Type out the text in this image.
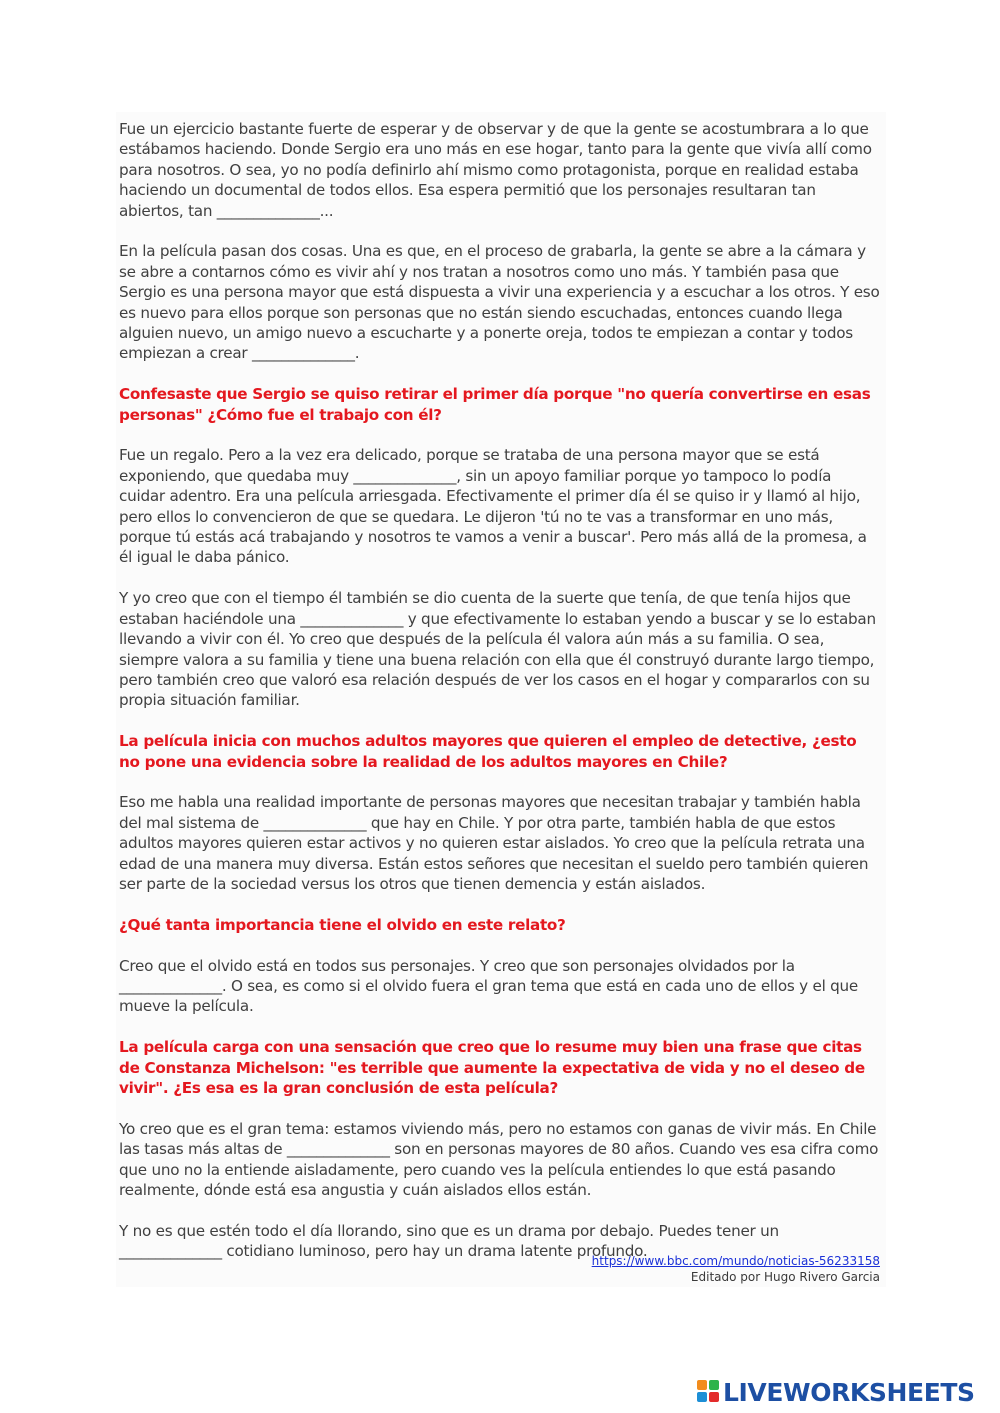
Fue un ejercicio bastante fuerte de esperar y de observar y de que la gente se acostumbrara a lo que estábamos haciendo. Donde Sergio era uno más en ese hogar, tanto para la gente que vivía allí como para nosotros. O sea, yo no podía definirlo ahí mismo como protagonista, porque en realidad estaba haciendo un documental de todos ellos. Esa espera permitió que los personajes resultaran tan abiertos, tan ______________...

En la película pasan dos cosas. Una es que, en el proceso de grabarla, la gente se abre a la cámara y se abre a contarnos cómo es vivir ahí y nos tratan a nosotros como uno más. Y también pasa que Sergio es una persona mayor que está dispuesta a vivir una experiencia y a escuchar a los otros. Y eso es nuevo para ellos porque son personas que no están siendo escuchadas, entonces cuando llega alguien nuevo, un amigo nuevo a escucharte y a ponerte oreja, todos te empiezan a contar y todos empiezan a crear ______________.

Confesaste que Sergio se quiso retirar el primer día porque "no quería convertirse en esas personas" ¿Cómo fue el trabajo con él?

Fue un regalo. Pero a la vez era delicado, porque se trataba de una persona mayor que se está exponiendo, que quedaba muy ______________, sin un apoyo familiar porque yo tampoco lo podía cuidar adentro. Era una película arriesgada. Efectivamente el primer día él se quiso ir y llamó al hijo, pero ellos lo convencieron de que se quedara. Le dijeron 'tú no te vas a transformar en uno más, porque tú estás acá trabajando y nosotros te vamos a venir a buscar'. Pero más allá de la promesa, a él igual le daba pánico.

Y yo creo que con el tiempo él también se dio cuenta de la suerte que tenía, de que tenía hijos que estaban haciéndole una ______________ y que efectivamente lo estaban yendo a buscar y se lo estaban llevando a vivir con él. Yo creo que después de la película él valora aún más a su familia. O sea, siempre valora a su familia y tiene una buena relación con ella que él construyó durante largo tiempo, pero también creo que valoró esa relación después de ver los casos en el hogar y compararlos con su propia situación familiar.

La película inicia con muchos adultos mayores que quieren el empleo de detective, ¿esto no pone una evidencia sobre la realidad de los adultos mayores en Chile?

Eso me habla una realidad importante de personas mayores que necesitan trabajar y también habla del mal sistema de ______________ que hay en Chile. Y por otra parte, también habla de que estos adultos mayores quieren estar activos y no quieren estar aislados. Yo creo que la película retrata una edad de una manera muy diversa. Están estos señores que necesitan el sueldo pero también quieren ser parte de la sociedad versus los otros que tienen demencia y están aislados.

¿Qué tanta importancia tiene el olvido en este relato?

Creo que el olvido está en todos sus personajes. Y creo que son personajes olvidados por la ______________. O sea, es como si el olvido fuera el gran tema que está en cada uno de ellos y el que mueve la película.

La película carga con una sensación que creo que lo resume muy bien una frase que citas de Constanza Michelson: "es terrible que aumente la expectativa de vida y no el deseo de vivir". ¿Es esa es la gran conclusión de esta película?

Yo creo que es el gran tema: estamos viviendo más, pero no estamos con ganas de vivir más. En Chile las tasas más altas de ______________ son en personas mayores de 80 años. Cuando ves esa cifra como que uno no la entiende aisladamente, pero cuando ves la película entiendes lo que está pasando realmente, dónde está esa angustia y cuán aislados ellos están.

Y no es que estén todo el día llorando, sino que es un drama por debajo. Puedes tener un ______________ cotidiano luminoso, pero hay un drama latente profundo.

https://www.bbc.com/mundo/noticias-56233158
Editado por Hugo Rivero Garcia
LIVEWORKSHEETS
